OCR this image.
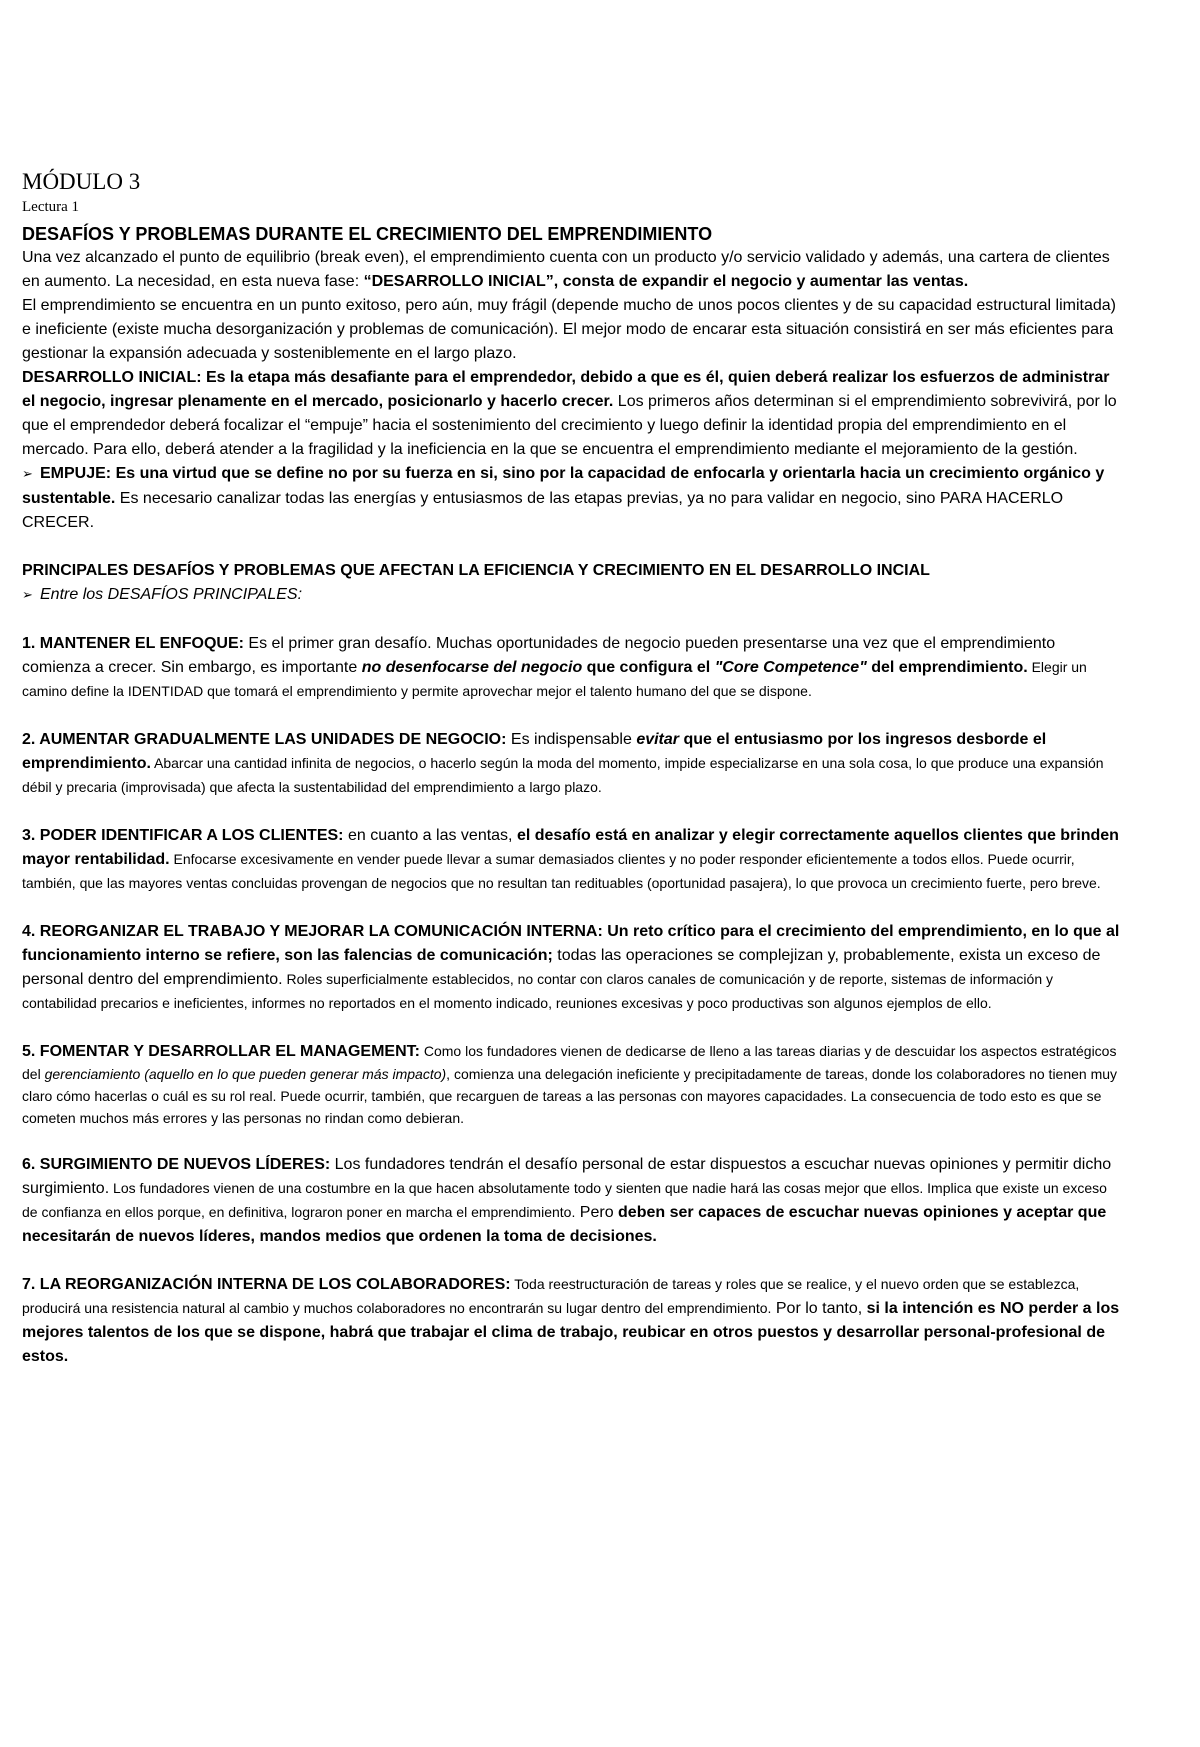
MÓDULO 3
Lectura 1
DESAFÍOS Y PROBLEMAS DURANTE EL CRECIMIENTO DEL EMPRENDIMIENTO

Una vez alcanzado el punto de equilibrio (break even), el emprendimiento cuenta con un producto y/o servicio validado y además, una cartera de clientes en aumento. La necesidad, en esta nueva fase: “DESARROLLO INICIAL”, consta de expandir el negocio y aumentar las ventas.

El emprendimiento se encuentra en un punto exitoso, pero aún, muy frágil (depende mucho de unos pocos clientes y de su capacidad estructural limitada) e ineficiente (existe mucha desorganización y problemas de comunicación). El mejor modo de encarar esta situación consistirá en ser más eficientes para gestionar la expansión adecuada y sosteniblemente en el largo plazo.

DESARROLLO INICIAL: Es la etapa más desafiante para el emprendedor, debido a que es él, quien deberá realizar los esfuerzos de administrar el negocio, ingresar plenamente en el mercado, posicionarlo y hacerlo crecer. Los primeros años determinan si el emprendimiento sobrevivirá, por lo que el emprendedor deberá focalizar el “empuje” hacia el sostenimiento del crecimiento y luego definir la identidad propia del emprendimiento en el mercado. Para ello, deberá atender a la fragilidad y la ineficiencia en la que se encuentra el emprendimiento mediante el mejoramiento de la gestión.

➢ EMPUJE: Es una virtud que se define no por su fuerza en si, sino por la capacidad de enfocarla y orientarla hacia un crecimiento orgánico y sustentable. Es necesario canalizar todas las energías y entusiasmos de las etapas previas, ya no para validar en negocio, sino PARA HACERLO CRECER.

PRINCIPALES DESAFÍOS Y PROBLEMAS QUE AFECTAN LA EFICIENCIA Y CRECIMIENTO EN EL DESARROLLO INCIAL

➢ Entre los DESAFÍOS PRINCIPALES:

1. MANTENER EL ENFOQUE: Es el primer gran desafío. Muchas oportunidades de negocio pueden presentarse una vez que el emprendimiento comienza a crecer. Sin embargo, es importante no desenfocarse del negocio que configura el "Core Competence" del emprendimiento. Elegir un camino define la IDENTIDAD que tomará el emprendimiento y permite aprovechar mejor el talento humano del que se dispone.

2. AUMENTAR GRADUALMENTE LAS UNIDADES DE NEGOCIO: Es indispensable evitar que el entusiasmo por los ingresos desborde el emprendimiento. Abarcar una cantidad infinita de negocios, o hacerlo según la moda del momento, impide especializarse en una sola cosa, lo que produce una expansión débil y precaria (improvisada) que afecta la sustentabilidad del emprendimiento a largo plazo.

3. PODER IDENTIFICAR A LOS CLIENTES: en cuanto a las ventas, el desafío está en analizar y elegir correctamente aquellos clientes que brinden mayor rentabilidad. Enfocarse excesivamente en vender puede llevar a sumar demasiados clientes y no poder responder eficientemente a todos ellos. Puede ocurrir, también, que las mayores ventas concluidas provengan de negocios que no resultan tan redituables (oportunidad pasajera), lo que provoca un crecimiento fuerte, pero breve.

4. REORGANIZAR EL TRABAJO Y MEJORAR LA COMUNICACIÓN INTERNA: Un reto crítico para el crecimiento del emprendimiento, en lo que al funcionamiento interno se refiere, son las falencias de comunicación; todas las operaciones se complejizan y, probablemente, exista un exceso de personal dentro del emprendimiento. Roles superficialmente establecidos, no contar con claros canales de comunicación y de reporte, sistemas de información y contabilidad precarios e ineficientes, informes no reportados en el momento indicado, reuniones excesivas y poco productivas son algunos ejemplos de ello.

5. FOMENTAR Y DESARROLLAR EL MANAGEMENT: Como los fundadores vienen de dedicarse de lleno a las tareas diarias y de descuidar los aspectos estratégicos del gerenciamiento (aquello en lo que pueden generar más impacto), comienza una delegación ineficiente y precipitadamente de tareas, donde los colaboradores no tienen muy claro cómo hacerlas o cuál es su rol real. Puede ocurrir, también, que recarguen de tareas a las personas con mayores capacidades. La consecuencia de todo esto es que se cometen muchos más errores y las personas no rindan como debieran.

6. SURGIMIENTO DE NUEVOS LÍDERES: Los fundadores tendrán el desafío personal de estar dispuestos a escuchar nuevas opiniones y permitir dicho surgimiento. Los fundadores vienen de una costumbre en la que hacen absolutamente todo y sienten que nadie hará las cosas mejor que ellos. Implica que existe un exceso de confianza en ellos porque, en definitiva, lograron poner en marcha el emprendimiento. Pero deben ser capaces de escuchar nuevas opiniones y aceptar que necesitarán de nuevos líderes, mandos medios que ordenen la toma de decisiones.

7. LA REORGANIZACIÓN INTERNA DE LOS COLABORADORES: Toda reestructuración de tareas y roles que se realice, y el nuevo orden que se establezca, producirá una resistencia natural al cambio y muchos colaboradores no encontrarán su lugar dentro del emprendimiento. Por lo tanto, si la intención es NO perder a los mejores talentos de los que se dispone, habrá que trabajar el clima de trabajo, reubicar en otros puestos y desarrollar personal-profesional de estos.
